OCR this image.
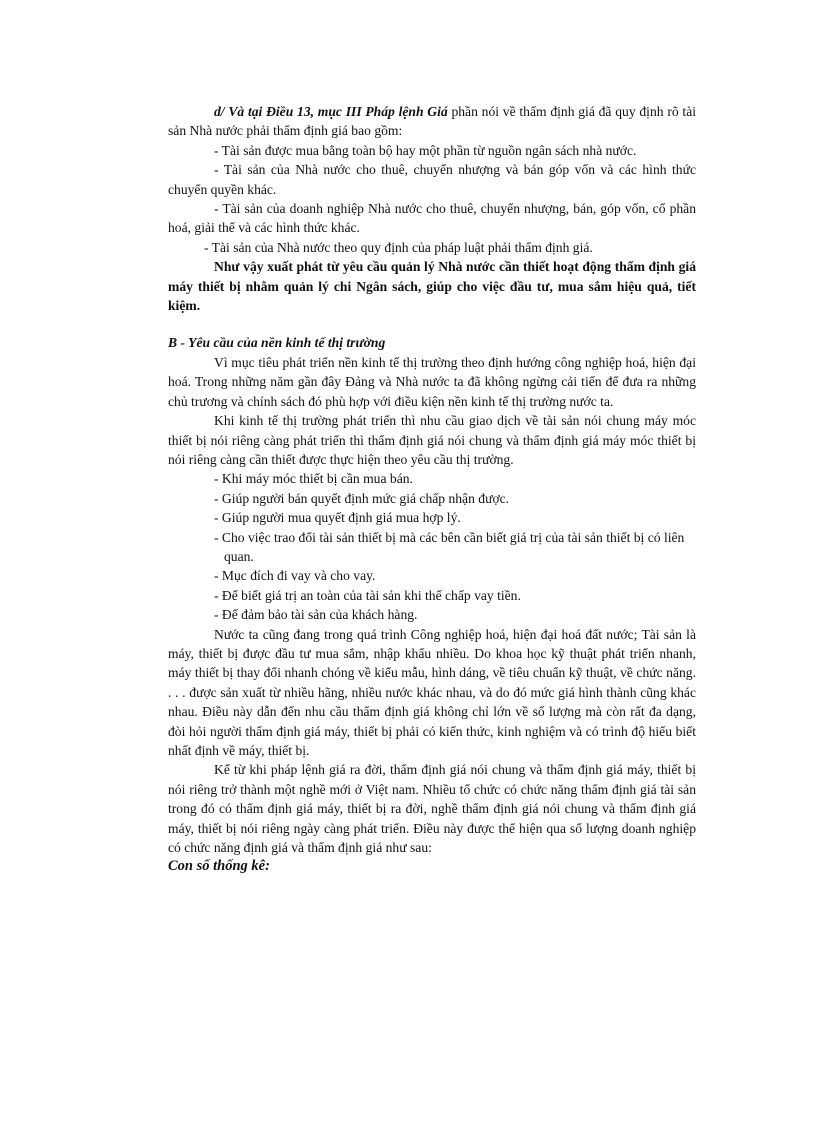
d/ Và tại Điều 13, mục III Pháp lệnh Giá phần nói về thẩm định giá đã quy định rõ tài sản Nhà nước phải thẩm định giá bao gồm:

- Tài sản được mua bằng toàn bộ hay một phần từ nguồn ngân sách nhà nước.

- Tài sản của Nhà nước cho thuê, chuyển nhượng và bán góp vốn và các hình thức chuyển quyền khác.

- Tài sản của doanh nghiệp Nhà nước cho thuê, chuyển nhượng, bán, góp vốn, cổ phần hoá, giải thể và các hình thức khác.

- Tài sản của Nhà nước theo quy định của pháp luật phải thẩm định giá.

Như vậy xuất phát từ yêu cầu quản lý Nhà nước cần thiết hoạt động thẩm định giá máy thiết bị nhằm quản lý chi Ngân sách, giúp cho việc đầu tư, mua sắm hiệu quả, tiết kiệm.

B - Yêu cầu của nền kinh tế thị trường

Vì mục tiêu phát triển nền kinh tế thị trường theo định hướng công nghiệp hoá, hiện đại hoá. Trong những năm gần đây Đảng và Nhà nước ta đã không ngừng cải tiến để đưa ra những chủ trương và chính sách đó phù hợp với điều kiện nền kinh tế thị trường nước ta.

Khi kinh tế thị trường phát triển thì nhu cầu giao dịch về tài sản nói chung máy móc thiết bị nói riêng càng phát triển thì thẩm định giá nói chung và thẩm định giá máy móc thiết bị nói riêng càng cần thiết được thực hiện theo yêu cầu thị trường.

- Khi máy móc thiết bị cần mua bán.

- Giúp người bán quyết định mức giá chấp nhận được.

- Giúp người mua quyết định giá mua hợp lý.

- Cho việc trao đổi tài sản thiết bị mà các bên cần biết giá trị của tài sản thiết bị có liên quan.

- Mục đích đi vay và cho vay.

- Để biết giá trị an toàn của tài sản khi thế chấp vay tiền.

- Để đảm bảo tài sản của khách hàng.

Nước ta cũng đang trong quá trình Công nghiệp hoá, hiện đại hoá đất nước; Tài sản là máy, thiết bị được đầu tư mua sắm, nhập khẩu nhiều. Do khoa học kỹ thuật phát triển nhanh, máy thiết bị thay đổi nhanh chóng về kiểu mẫu, hình dáng, về tiêu chuẩn kỹ thuật, về chức năng. . . . được sản xuất từ nhiều hãng, nhiều nước khác nhau, và do đó mức giá hình thành cũng khác nhau. Điều này dẫn đến nhu cầu thẩm định giá không chỉ lớn về số lượng mà còn rất đa dạng, đòi hỏi người thẩm định giá máy, thiết bị phải có kiến thức, kinh nghiệm và có trình độ hiểu biết nhất định về máy, thiết bị.

Kể từ khi pháp lệnh giá ra đời, thẩm định giá nói chung và thẩm định giá máy, thiết bị nói riêng trở thành một nghề mới ở Việt nam. Nhiều tổ chức có chức năng thẩm định giá tài sản trong đó có thẩm định giá máy, thiết bị ra đời, nghề thẩm định giá nói chung và thẩm định giá máy, thiết bị nói riêng ngày càng phát triển. Điều này được thể hiện qua số lượng doanh nghiệp có chức năng định giá và thẩm định giá như sau:

Con số thống kê:
